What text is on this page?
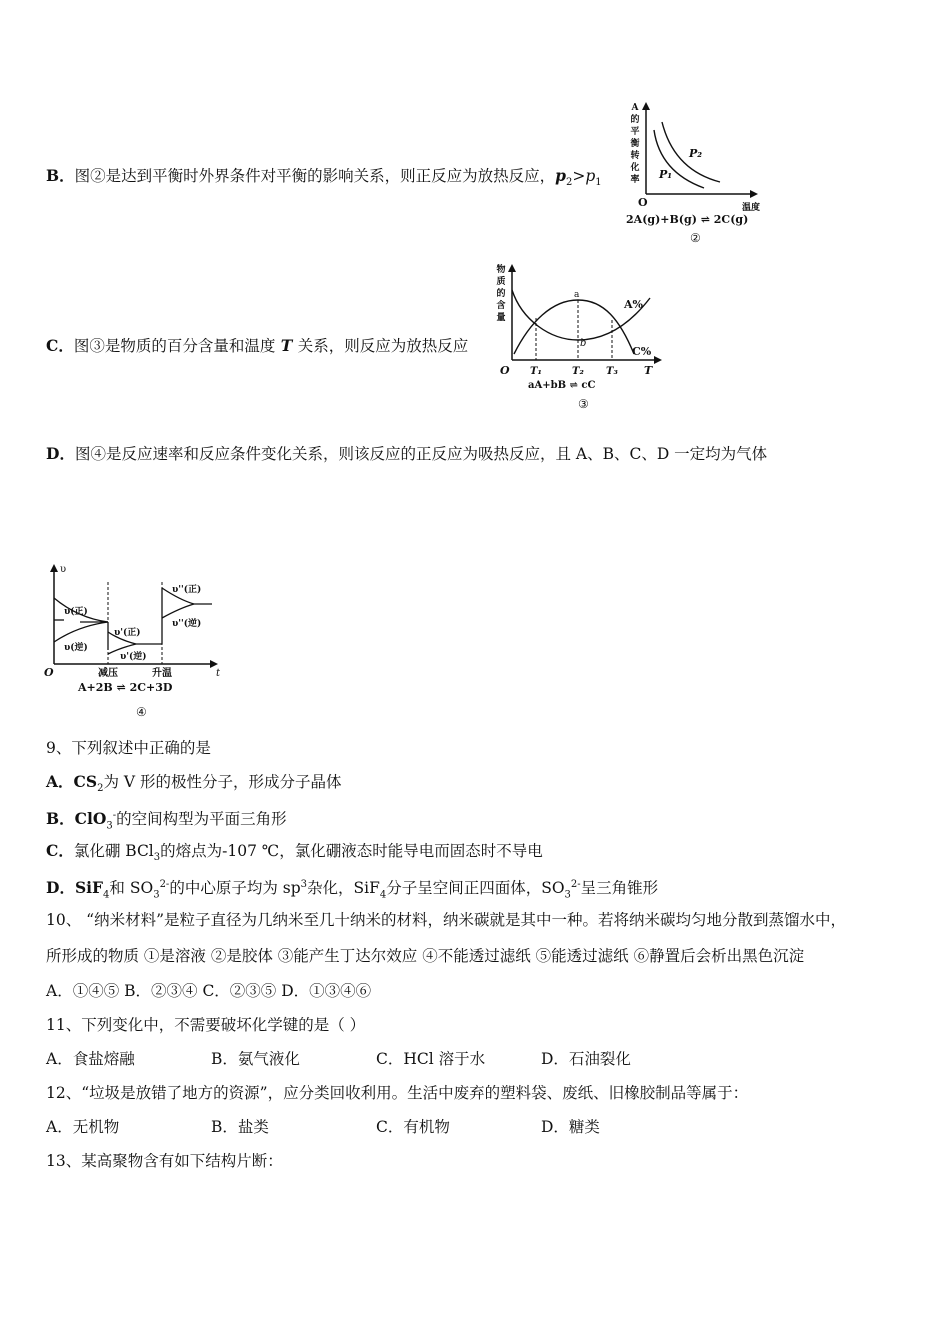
B．图②是达到平衡时外界条件对平衡的影响关系，则正反应为放热反应，$p_2>p_1$
A
的
平
衡
转
化
率
P₂
P₁
O	温度
2A(g)+B(g) ⇌ 2C(g)
②
C．图③是物质的百分含量和温度 T 关系，则反应为放热反应
物
质
的
含
量
a
b
A%
C%
O T₁	T₂ T₃ T
aA+bB ⇌ cC
③
D．图④是反应速率和反应条件变化关系，则该反应的正反应为吸热反应，且 A、B、C、D 一定均为气体
υ
υ(正)
υ(逆)
υ'(正)
υ'(逆)
υ''(正)
υ''(逆)
O	减压	升温	t
A+2B ⇌ 2C+3D
④
9、下列叙述中正确的是
A．$CS_2$为 V 形的极性分子，形成分子晶体
B．ClO$_3$-的空间构型为平面三角形
C．氯化硼 BCl$_3$的熔点为-107 ℃，氯化硼液态时能导电而固态时不导电
D．SiF$_4$和 $SO_3^{2-}$的中心原子均为 $sp^3$杂化，SiF$_4$分子呈空间正四面体，$SO_3^{2-}$呈三角锥形
10、 “纳米材料”是粒子直径为几纳米至几十纳米的材料，纳米碳就是其中一种。若将纳米碳均匀地分散到蒸馏水中，
所形成的物质 ①是溶液 ②是胶体 ③能产生丁达尔效应 ④不能透过滤纸 ⑤能透过滤纸 ⑥静置后会析出黑色沉淀
A．①④⑤ B．②③④ C．②③⑤ D．①③④⑥
11、下列变化中，不需要破坏化学键的是（ ）
A．食盐熔融	B．氨气液化	C．HCl 溶于水	D．石油裂化
12、“垃圾是放错了地方的资源”，应分类回收利用。生活中废弃的塑料袋、废纸、旧橡胶制品等属于：
A．无机物	B．盐类	C．有机物	D．糖类
13、某高聚物含有如下结构片断：
